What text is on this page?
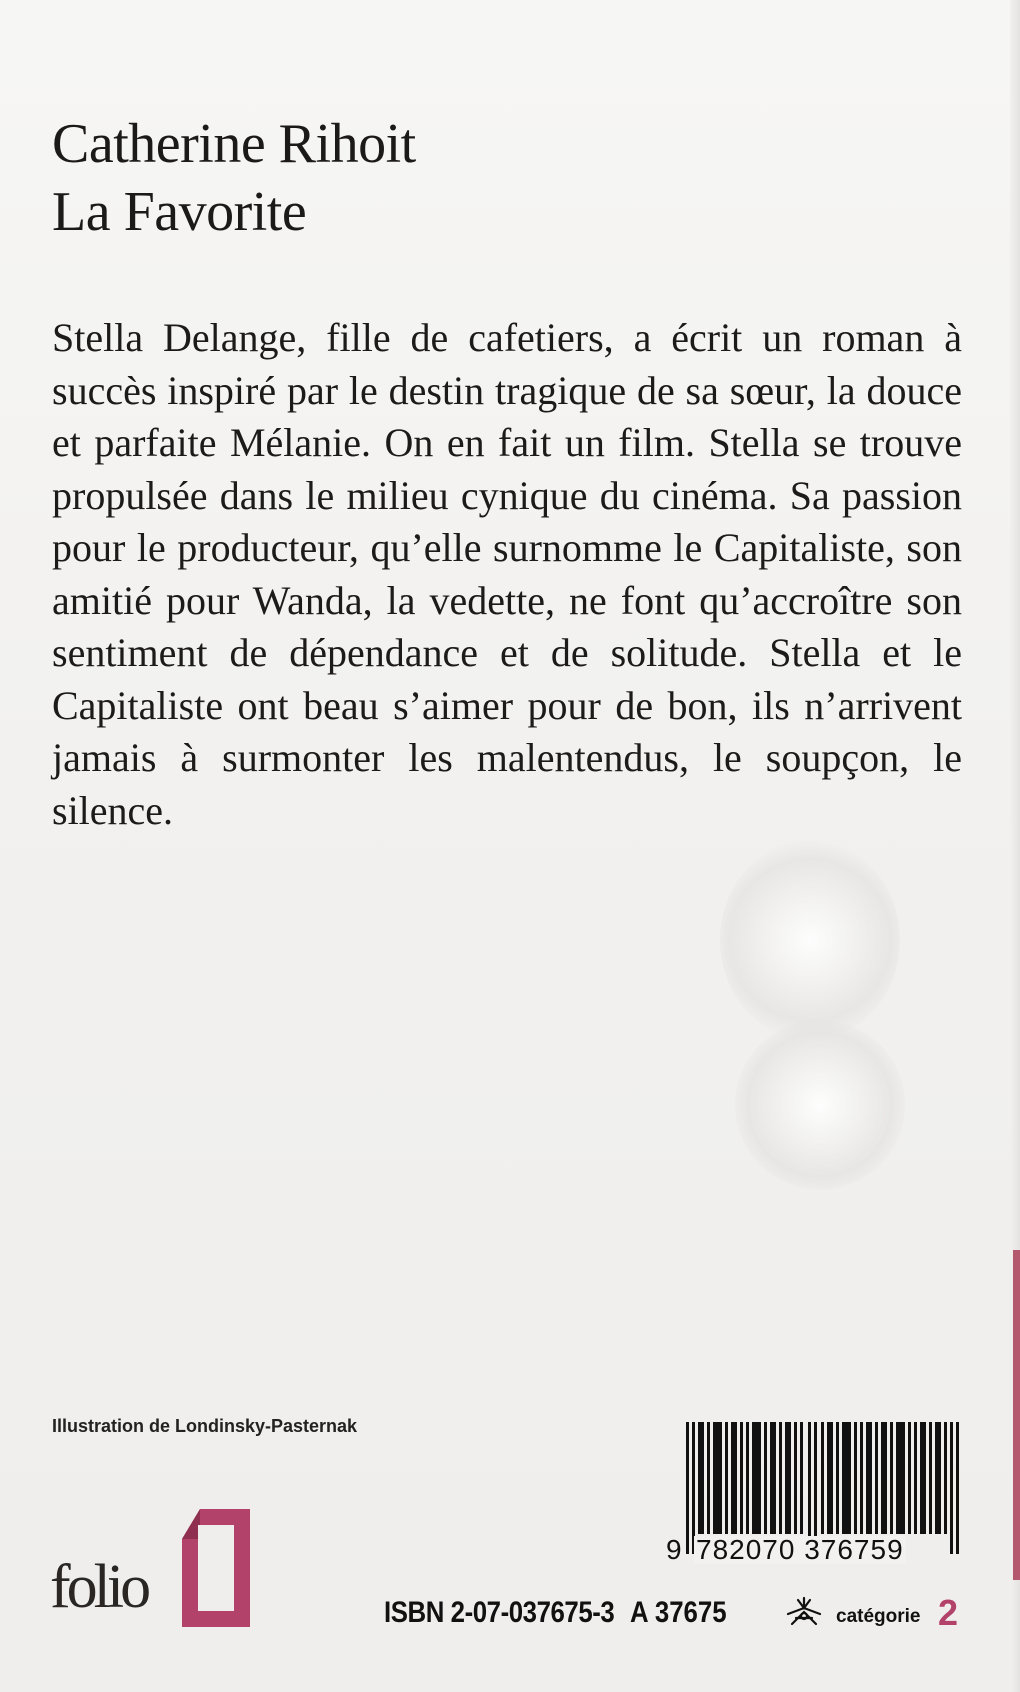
Catherine Rihoit
La Favorite
Stella Delange, fille de cafetiers, a écrit un roman à succès inspiré par le destin tragique de sa sœur, la douce et parfaite Mélanie. On en fait un film. Stella se trouve propulsée dans le milieu cynique du cinéma. Sa passion pour le producteur, qu’elle surnomme le Capitaliste, son amitié pour Wanda, la vedette, ne font qu’accroître son sentiment de dépendance et de solitude. Stella et le Capitaliste ont beau s’aimer pour de bon, ils n’arrivent jamais à surmonter les malentendus, le soupçon, le silence.
Illustration de Londinsky-Pasternak
folio
9 782070 376759
ISBN 2-07-037675-3 A 37675	catégorie 2
